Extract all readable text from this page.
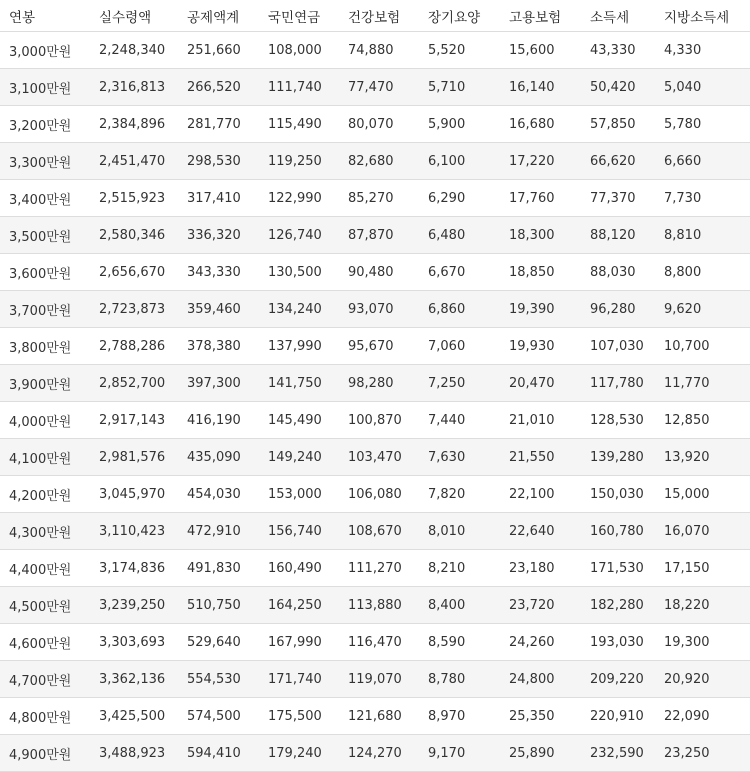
연봉	실수령액	공제액계	국민연금	건강보험	장기요양	고용보험	소득세	지방소득세
3,000만원	2,248,340	251,660	108,000	74,880	5,520	15,600	43,330	4,330
3,100만원	2,316,813	266,520	111,740	77,470	5,710	16,140	50,420	5,040
3,200만원	2,384,896	281,770	115,490	80,070	5,900	16,680	57,850	5,780
3,300만원	2,451,470	298,530	119,250	82,680	6,100	17,220	66,620	6,660
3,400만원	2,515,923	317,410	122,990	85,270	6,290	17,760	77,370	7,730
3,500만원	2,580,346	336,320	126,740	87,870	6,480	18,300	88,120	8,810
3,600만원	2,656,670	343,330	130,500	90,480	6,670	18,850	88,030	8,800
3,700만원	2,723,873	359,460	134,240	93,070	6,860	19,390	96,280	9,620
3,800만원	2,788,286	378,380	137,990	95,670	7,060	19,930	107,030	10,700
3,900만원	2,852,700	397,300	141,750	98,280	7,250	20,470	117,780	11,770
4,000만원	2,917,143	416,190	145,490	100,870	7,440	21,010	128,530	12,850
4,100만원	2,981,576	435,090	149,240	103,470	7,630	21,550	139,280	13,920
4,200만원	3,045,970	454,030	153,000	106,080	7,820	22,100	150,030	15,000
4,300만원	3,110,423	472,910	156,740	108,670	8,010	22,640	160,780	16,070
4,400만원	3,174,836	491,830	160,490	111,270	8,210	23,180	171,530	17,150
4,500만원	3,239,250	510,750	164,250	113,880	8,400	23,720	182,280	18,220
4,600만원	3,303,693	529,640	167,990	116,470	8,590	24,260	193,030	19,300
4,700만원	3,362,136	554,530	171,740	119,070	8,780	24,800	209,220	20,920
4,800만원	3,425,500	574,500	175,500	121,680	8,970	25,350	220,910	22,090
4,900만원	3,488,923	594,410	179,240	124,270	9,170	25,890	232,590	23,250
